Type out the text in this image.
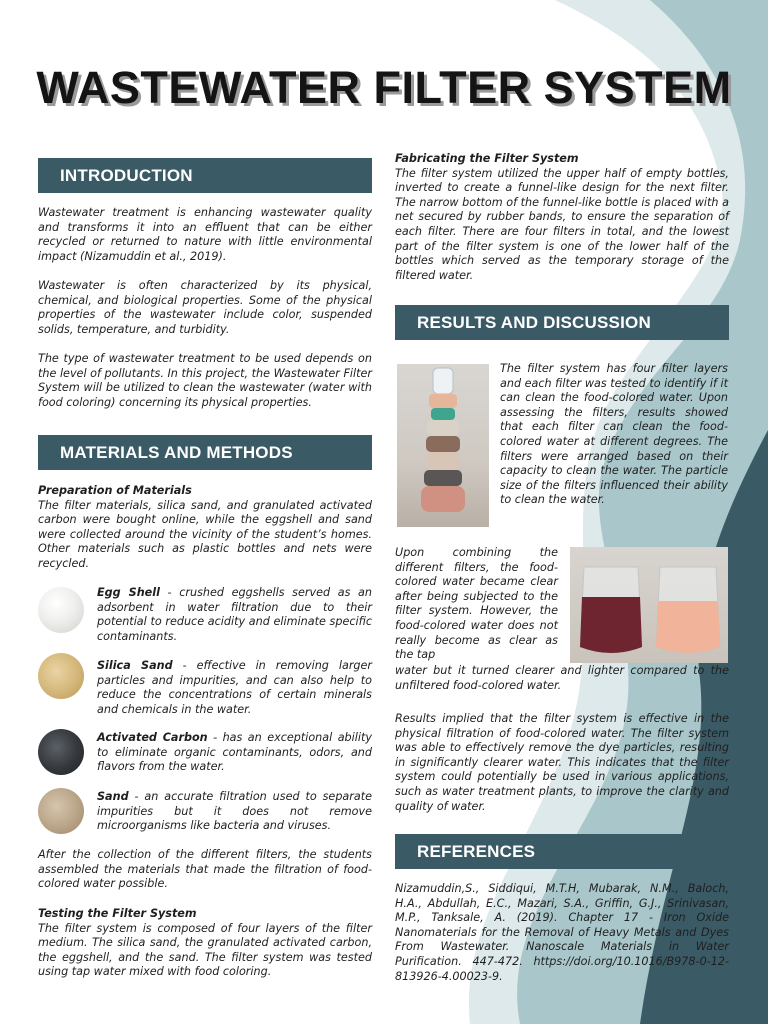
WASTEWATER FILTER SYSTEM
INTRODUCTION

Wastewater treatment is enhancing wastewater quality and transforms it into an effluent that can be either recycled or returned to nature with little environmental impact (Nizamuddin et al., 2019).

Wastewater is often characterized by its physical, chemical, and biological properties. Some of the physical properties of the wastewater include color, suspended solids, temperature, and turbidity.

The type of wastewater treatment to be used depends on the level of pollutants. In this project, the Wastewater Filter System will be utilized to clean the wastewater (water with food coloring) concerning its physical properties.

MATERIALS AND METHODS
Preparation of Materials
The filter materials, silica sand, and granulated activated carbon were bought online, while the eggshell and sand were collected around the vicinity of the student’s homes. Other materials such as plastic bottles and nets were recycled.
Egg Shell - crushed eggshells served as an adsorbent in water filtration due to their potential to reduce acidity and eliminate specific contaminants.
Silica Sand - effective in removing larger particles and impurities, and can also help to reduce the concentrations of certain minerals and chemicals in the water.
Activated Carbon - has an exceptional ability to eliminate organic contaminants, odors, and flavors from the water.
Sand - an accurate filtration used to separate impurities but it does not remove microorganisms like bacteria and viruses.

After the collection of the different filters, the students assembled the materials that made the filtration of food-colored water possible.

Testing the Filter System
The filter system is composed of four layers of the filter medium. The silica sand, the granulated activated carbon, the eggshell, and the sand. The filter system was tested using tap water mixed with food coloring.
Fabricating the Filter System
The filter system utilized the upper half of empty bottles, inverted to create a funnel-like design for the next filter. The narrow bottom of the funnel-like bottle is placed with a net secured by rubber bands, to ensure the separation of each filter. There are four filters in total, and the lowest part of the filter system is one of the lower half of the bottles which served as the temporary storage of the filtered water.
RESULTS AND DISCUSSION

The filter system has four filter layers and each filter was tested to identify if it can clean the food-colored water. Upon assessing the filters, results showed that each filter can clean the food-colored water at different degrees. The filters were arranged based on their capacity to clean the water. The particle size of the filters influenced their ability to clean the water.

Upon combining the different filters, the food-colored water became clear after being subjected to the filter system. However, the food-colored water does not really become as clear as the tap

Results implied that the filter system is effective in the physical filtration of food-colored water. The filter system was able to effectively remove the dye particles, resulting in significantly clearer water. This indicates that the filter system could potentially be used in various applications, such as water treatment plants, to improve the clarity and quality of water.

REFERENCES

Nizamuddin,S., Siddiqui, M.T.H, Mubarak, N.M., Baloch, H.A., Abdullah, E.C., Mazari, S.A., Griffin, G.J., Srinivasan, M.P., Tanksale, A. (2019). Chapter 17 - Iron Oxide Nanomaterials for the Removal of Heavy Metals and Dyes From Wastewater. Nanoscale Materials in Water Purification. 447-472. https://doi.org/10.1016/B978-0-12-813926-4.00023-9.

water but it turned clearer and lighter compared to the unfiltered food-colored water.
